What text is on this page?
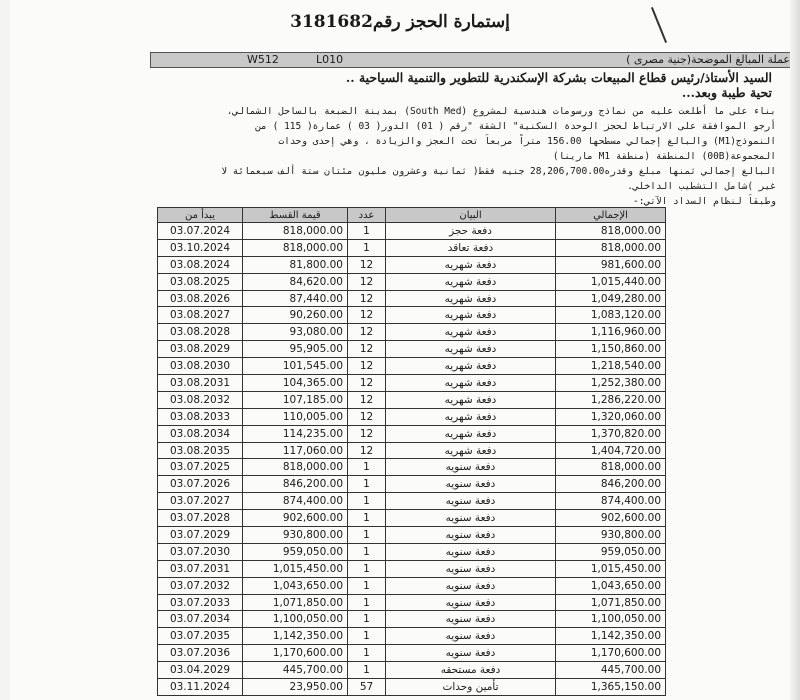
إستمارة الحجز رقم3181682
W512	L010	عملة المبالغ الموضحة(جنية مصرى )
السيد الأستاذ/رئيس قطاع المبيعات بشركة الإسكندرية للتطوير والتنمية السياحية ..
تحية طيبة وبعد...
بناء على ما أطلعت عليه من نماذج ورسومات هندسية لمشروع (South Med) بمدينة الضبعة بالساحل الشمالي،
أرجو الموافقة على الارتباط لحجز الوحدة السكنية" الشقة "رقم ( 01) الدور( 03 ) عمارة( 115 ) من
النموذج(M1) والبالغ إجمالي مسطحها 156.00 متراً مربعاً تحت العجز والزيادة ، وهي إحدى وحدات
المجموعة(00B) المنطقة (منطقة M1 مارينا)
البالغ إجمالي ثمنها مبلغ وقدره28,206,700.00 جنيه فقط( ثمانية وعشرون مليون مئتان ستة ألف سبعمائة لا
غير )شامل التشطيب الداخلي.
وطبقاً لنظام السداد الآتي:-
يبدأ من	قيمة القسط	عدد	البيان	الإجمالي
03.07.2024	818,000.00	1	دفعة حجز	818,000.00
03.10.2024	818,000.00	1	دفعة تعاقد	818,000.00
03.08.2024	81,800.00	12	دفعة شهريه	981,600.00
03.08.2025	84,620.00	12	دفعة شهريه	1,015,440.00
03.08.2026	87,440.00	12	دفعة شهريه	1,049,280.00
03.08.2027	90,260.00	12	دفعة شهريه	1,083,120.00
03.08.2028	93,080.00	12	دفعة شهريه	1,116,960.00
03.08.2029	95,905.00	12	دفعة شهريه	1,150,860.00
03.08.2030	101,545.00	12	دفعة شهريه	1,218,540.00
03.08.2031	104,365.00	12	دفعة شهريه	1,252,380.00
03.08.2032	107,185.00	12	دفعة شهريه	1,286,220.00
03.08.2033	110,005.00	12	دفعة شهريه	1,320,060.00
03.08.2034	114,235.00	12	دفعة شهريه	1,370,820.00
03.08.2035	117,060.00	12	دفعة شهريه	1,404,720.00
03.07.2025	818,000.00	1	دفعة سنويه	818,000.00
03.07.2026	846,200.00	1	دفعة سنويه	846,200.00
03.07.2027	874,400.00	1	دفعة سنويه	874,400.00
03.07.2028	902,600.00	1	دفعة سنويه	902,600.00
03.07.2029	930,800.00	1	دفعة سنويه	930,800.00
03.07.2030	959,050.00	1	دفعة سنويه	959,050.00
03.07.2031	1,015,450.00	1	دفعة سنويه	1,015,450.00
03.07.2032	1,043,650.00	1	دفعة سنويه	1,043,650.00
03.07.2033	1,071,850.00	1	دفعة سنويه	1,071,850.00
03.07.2034	1,100,050.00	1	دفعة سنويه	1,100,050.00
03.07.2035	1,142,350.00	1	دفعة سنويه	1,142,350.00
03.07.2036	1,170,600.00	1	دفعة سنويه	1,170,600.00
03.04.2029	445,700.00	1	دفعة مستحقه	445,700.00
03.11.2024	23,950.00	57	تأمين وحدات	1,365,150.00
